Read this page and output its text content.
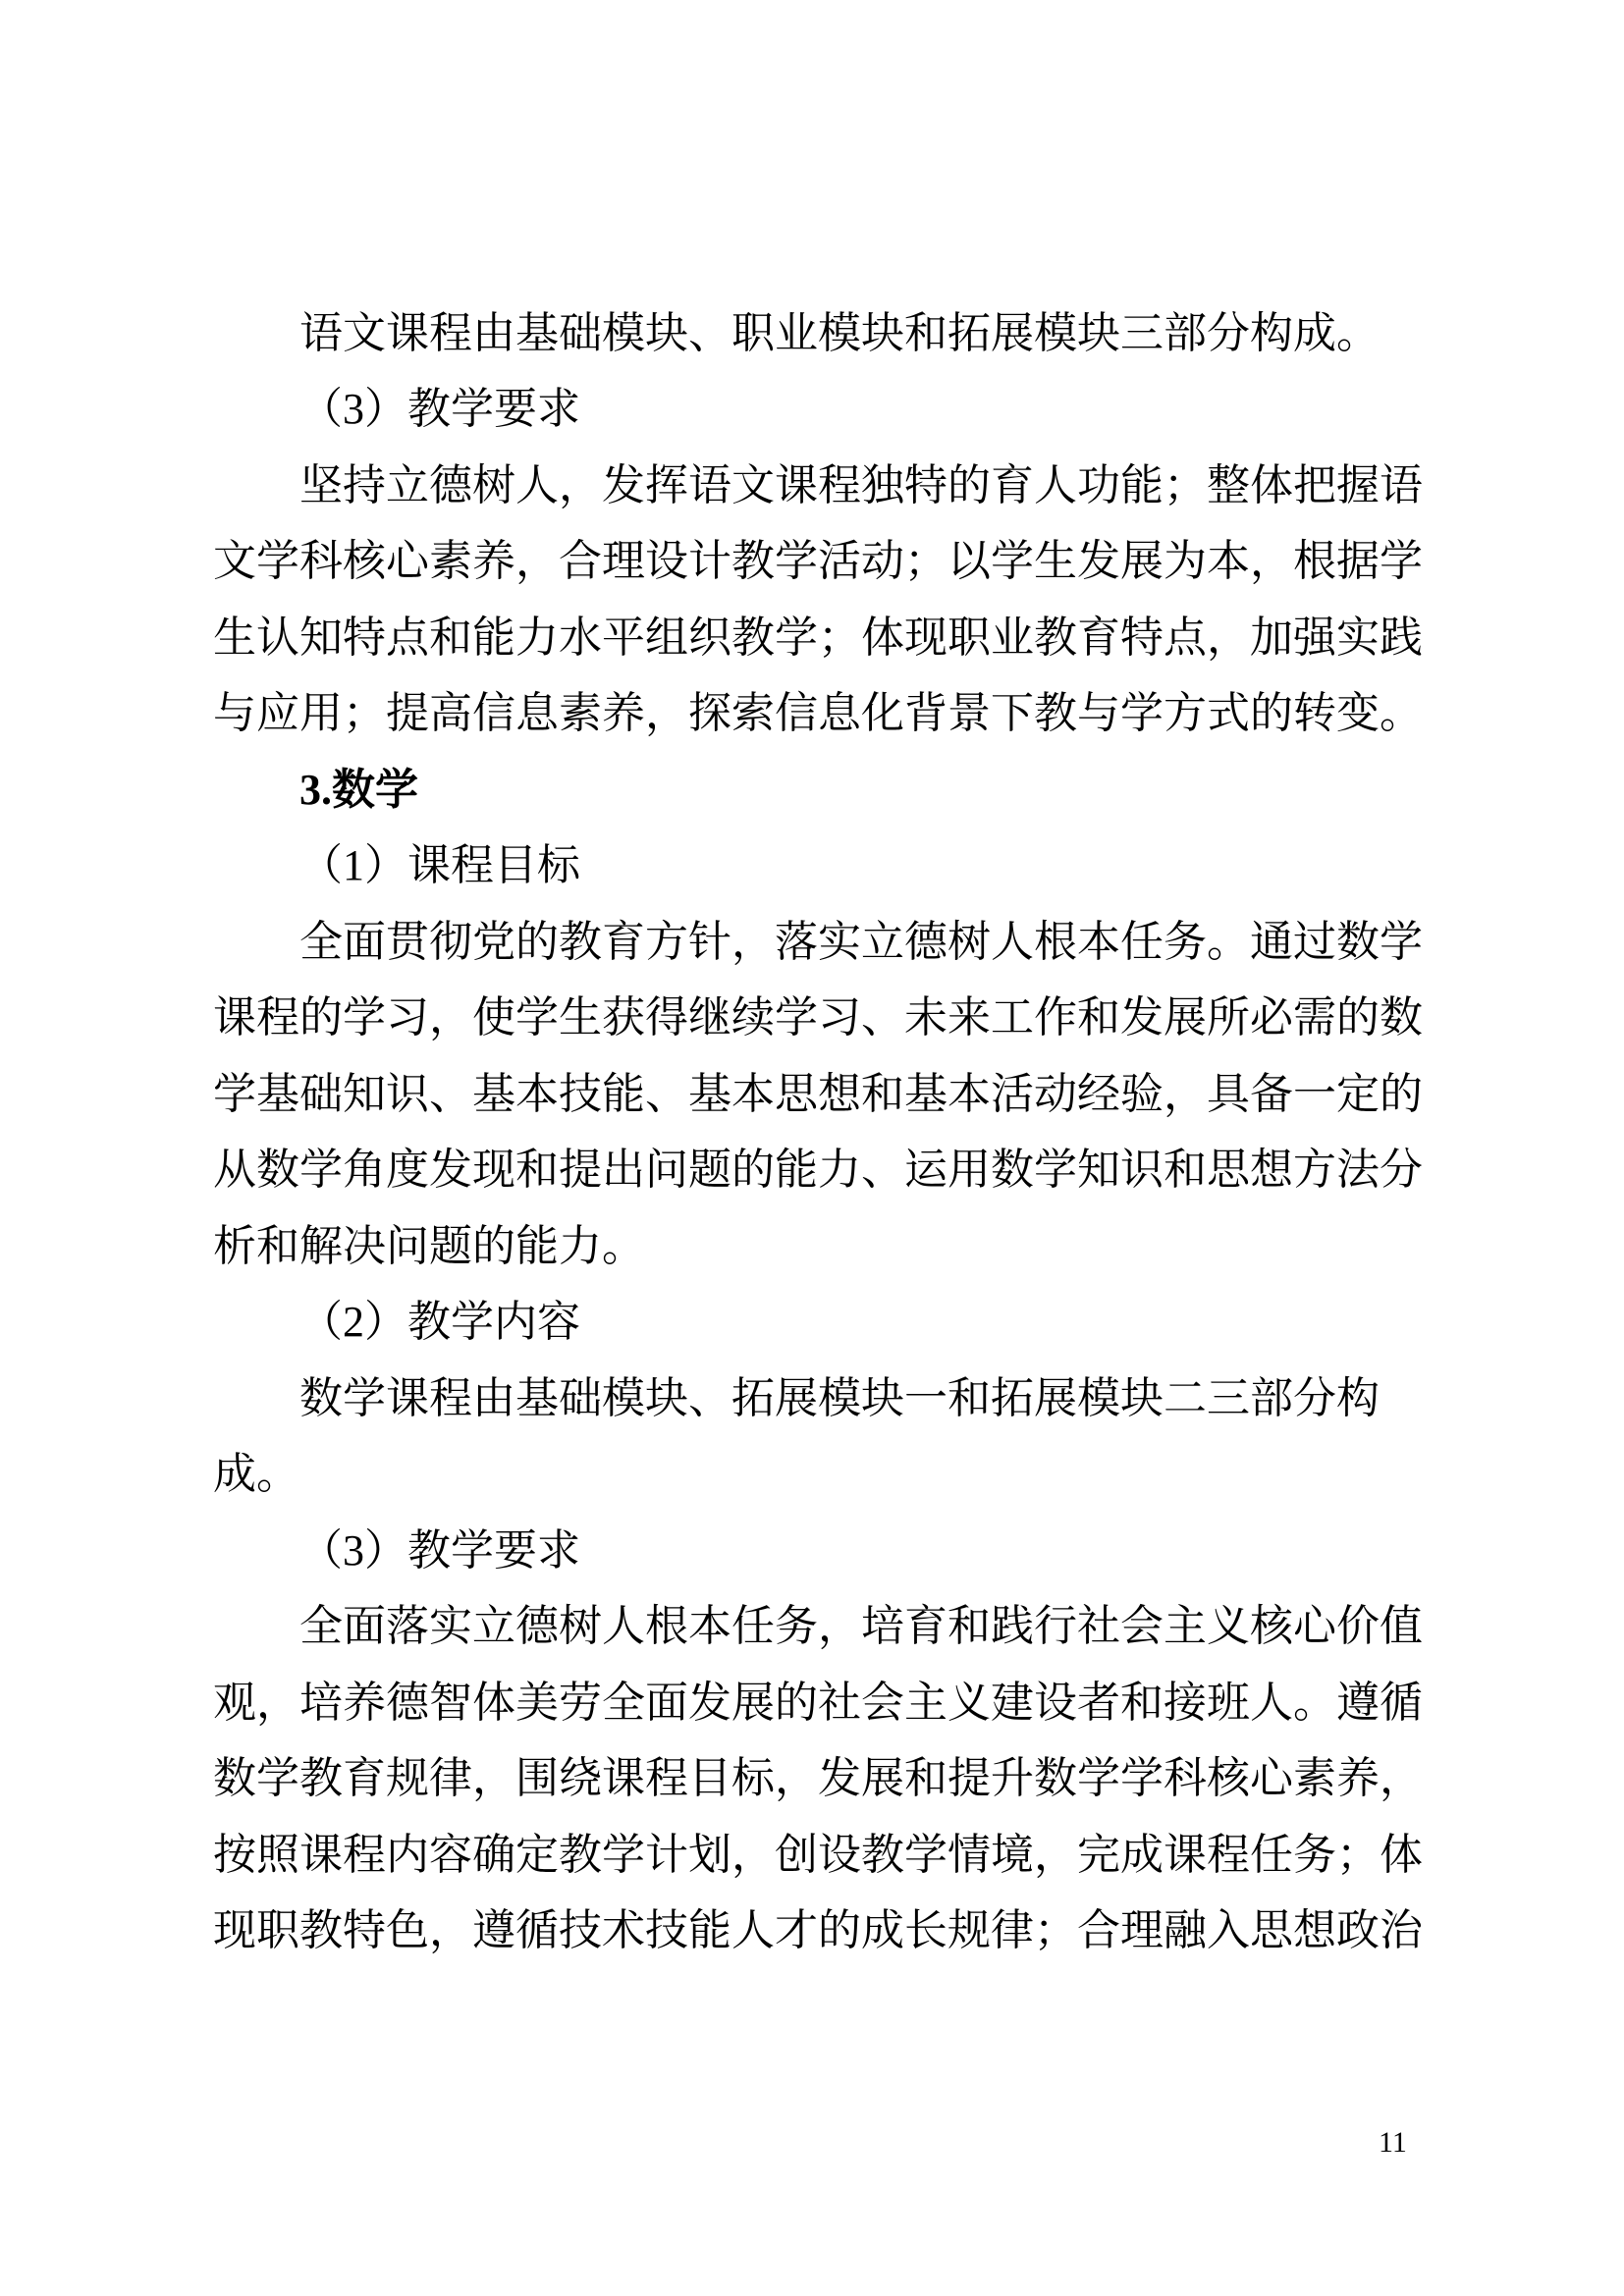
语文课程由基础模块、职业模块和拓展模块三部分构成。
（3）教学要求
坚持立德树人，发挥语文课程独特的育人功能；整体把握语
文学科核心素养，合理设计教学活动；以学生发展为本，根据学
生认知特点和能力水平组织教学；体现职业教育特点，加强实践
与应用；提高信息素养，探索信息化背景下教与学方式的转变。
3.数学
（1）课程目标
全面贯彻党的教育方针，落实立德树人根本任务。通过数学
课程的学习，使学生获得继续学习、未来工作和发展所必需的数
学基础知识、基本技能、基本思想和基本活动经验，具备一定的
从数学角度发现和提出问题的能力、运用数学知识和思想方法分
析和解决问题的能力。
（2）教学内容
数学课程由基础模块、拓展模块一和拓展模块二三部分构
成。
（3）教学要求
全面落实立德树人根本任务，培育和践行社会主义核心价值
观，培养德智体美劳全面发展的社会主义建设者和接班人。遵循
数学教育规律，围绕课程目标，发展和提升数学学科核心素养，
按照课程内容确定教学计划，创设教学情境，完成课程任务；体
现职教特色，遵循技术技能人才的成长规律；合理融入思想政治
11
